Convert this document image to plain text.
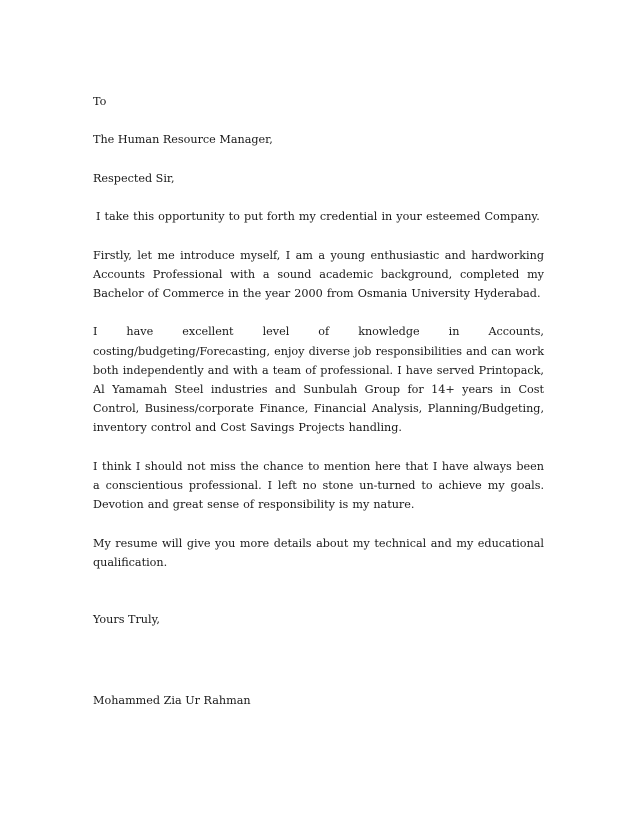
To
The Human Resource Manager,
Respected Sir,
I take this opportunity to put forth my credential in your esteemed Company.
Firstly, let me introduce myself, I am a young enthusiastic and hardworking Accounts Professional with a sound academic background, completed my Bachelor of Commerce in the year 2000 from Osmania University Hyderabad.
I have excellent level of knowledge in Accounts, costing/budgeting/Forecasting, enjoy diverse job responsibilities and can work both independently and with a team of professional. I have served Printopack, Al Yamamah Steel industries and Sunbulah Group for 14+ years in Cost Control, Business/corporate Finance, Financial Analysis, Planning/Budgeting, inventory control and Cost Savings Projects handling.
I think I should not miss the chance to mention here that I have always been a conscientious professional. I left no stone un-turned to achieve my goals. Devotion and great sense of responsibility is my nature.
My resume will give you more details about my technical and my educational qualification.
Yours Truly,
Mohammed Zia Ur Rahman
